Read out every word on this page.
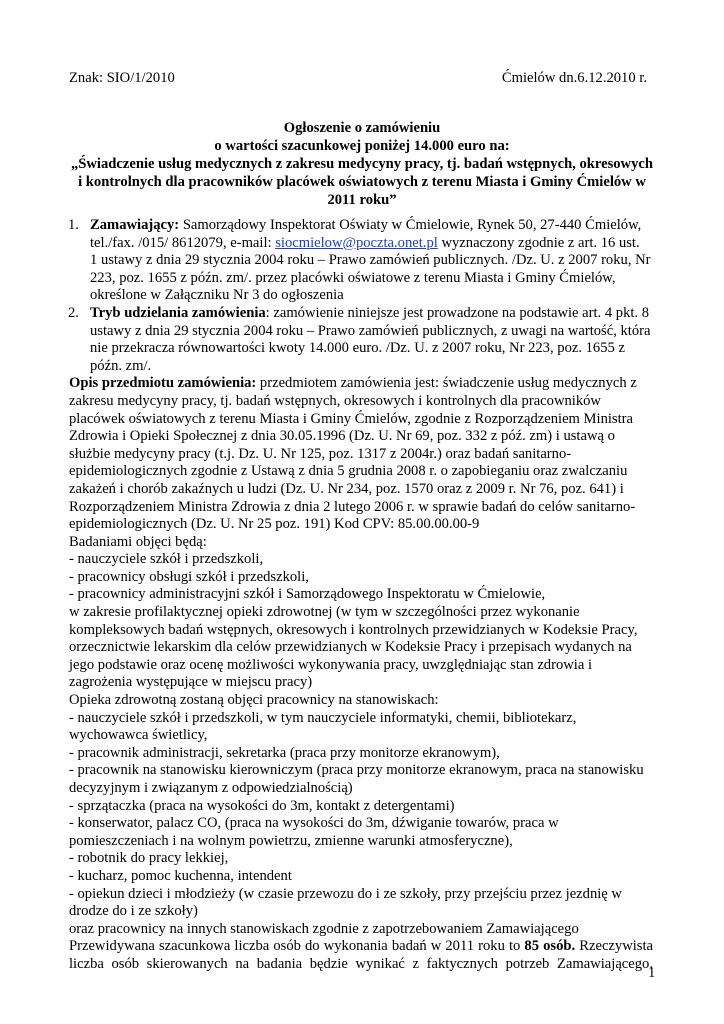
Znak: SIO/1/2010	Ćmielów dn.6.12.2010 r.
Ogłoszenie o zamówieniu
o wartości szacunkowej poniżej 14.000 euro na:
„Świadczenie usług medycznych z zakresu medycyny pracy, tj. badań wstępnych, okresowych
i kontrolnych dla pracowników placówek oświatowych z terenu Miasta i Gminy Ćmielów w
2011 roku”
1. Zamawiający: Samorządowy Inspektorat Oświaty w Ćmielowie, Rynek 50, 27-440 Ćmielów,
tel./fax. /015/ 8612079, e-mail: siocmielow@poczta.onet.pl wyznaczony zgodnie z art. 16 ust.
1 ustawy z dnia 29 stycznia 2004 roku – Prawo zamówień publicznych. /Dz. U. z 2007 roku, Nr
223, poz. 1655 z późn. zm/. przez placówki oświatowe z terenu Miasta i Gminy Ćmielów,
określone w Załączniku Nr 3 do ogłoszenia
2. Tryb udzielania zamówienia: zamówienie niniejsze jest prowadzone na podstawie art. 4 pkt. 8
ustawy z dnia 29 stycznia 2004 roku – Prawo zamówień publicznych, z uwagi na wartość, która
nie przekracza równowartości kwoty 14.000 euro. /Dz. U. z 2007 roku, Nr 223, poz. 1655 z
późn. zm/.
Opis przedmiotu zamówienia: przedmiotem zamówienia jest: świadczenie usług medycznych z
zakresu medycyny pracy, tj. badań wstępnych, okresowych i kontrolnych dla pracowników
placówek oświatowych z terenu Miasta i Gminy Ćmielów, zgodnie z Rozporządzeniem Ministra
Zdrowia i Opieki Społecznej z dnia 30.05.1996 (Dz. U. Nr 69, poz. 332 z póź. zm) i ustawą o
służbie medycyny pracy (t.j. Dz. U. Nr 125, poz. 1317 z 2004r.) oraz badań sanitarno-
epidemiologicznych zgodnie z Ustawą z dnia 5 grudnia 2008 r. o zapobieganiu oraz zwalczaniu
zakażeń i chorób zakaźnych u ludzi (Dz. U. Nr 234, poz. 1570 oraz z 2009 r. Nr 76, poz. 641) i
Rozporządzeniem Ministra Zdrowia z dnia 2 lutego 2006 r. w sprawie badań do celów sanitarno-
epidemiologicznych (Dz. U. Nr 25 poz. 191) Kod CPV: 85.00.00.00-9
Badaniami objęci będą:
- nauczyciele szkół i przedszkoli,
- pracownicy obsługi szkół i przedszkoli,
- pracownicy administracyjni szkół i Samorządowego Inspektoratu w Ćmielowie,
w zakresie profilaktycznej opieki zdrowotnej (w tym w szczególności przez wykonanie
kompleksowych badań wstępnych, okresowych i kontrolnych przewidzianych w Kodeksie Pracy,
orzecznictwie lekarskim dla celów przewidzianych w Kodeksie Pracy i przepisach wydanych na
jego podstawie oraz ocenę możliwości wykonywania pracy, uwzględniając stan zdrowia i
zagrożenia występujące w miejscu pracy)
Opieka zdrowotną zostaną objęci pracownicy na stanowiskach:
- nauczyciele szkół i przedszkoli, w tym nauczyciele informatyki, chemii, bibliotekarz,
wychowawca świetlicy,
- pracownik administracji, sekretarka (praca przy monitorze ekranowym),
- pracownik na stanowisku kierowniczym (praca przy monitorze ekranowym, praca na stanowisku
decyzyjnym i związanym z odpowiedzialnością)
- sprzątaczka (praca na wysokości do 3m, kontakt z detergentami)
- konserwator, palacz CO, (praca na wysokości do 3m, dźwiganie towarów, praca w
pomieszczeniach i na wolnym powietrzu, zmienne warunki atmosferyczne),
- robotnik do pracy lekkiej,
- kucharz, pomoc kuchenna, intendent
- opiekun dzieci i młodzieży (w czasie przewozu do i ze szkoły, przy przejściu przez jezdnię w
drodze do i ze szkoły)
oraz pracownicy na innych stanowiskach zgodnie z zapotrzebowaniem Zamawiającego
Przewidywana szacunkowa liczba osób do wykonania badań w 2011 roku to 85 osób. Rzeczywista
liczba osób skierowanych na badania będzie wynikać z faktycznych potrzeb Zamawiającego.
1
